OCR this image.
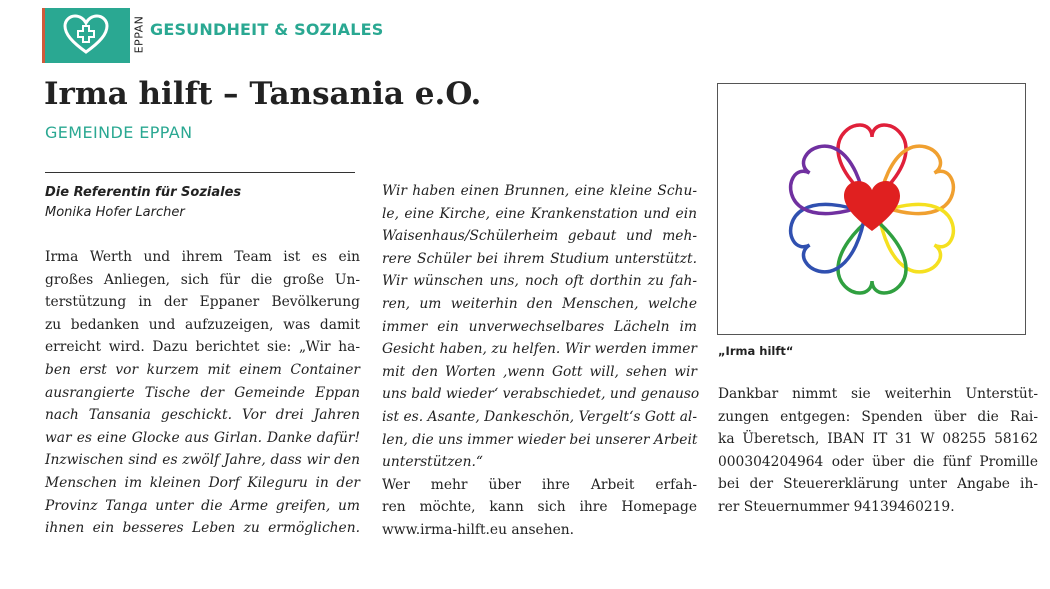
EPPAN GESUNDHEIT & SOZIALES
Irma hilft – Tansania e.O.
GEMEINDE EPPAN
Die Referentin für Soziales
Monika Hofer Larcher
Irma Werth und ihrem Team ist es ein
großes Anliegen, sich für die große Un-
terstützung in der Eppaner Bevölkerung
zu bedanken und aufzuzeigen, was damit
erreicht wird. Dazu berichtet sie: „Wir ha-
ben erst vor kurzem mit einem Container
ausrangierte Tische der Gemeinde Eppan
nach Tansania geschickt. Vor drei Jahren
war es eine Glocke aus Girlan. Danke dafür!
Inzwischen sind es zwölf Jahre, dass wir den
Menschen im kleinen Dorf Kileguru in der
Provinz Tanga unter die Arme greifen, um
ihnen ein besseres Leben zu ermöglichen.
Wir haben einen Brunnen, eine kleine Schu-
le, eine Kirche, eine Krankenstation und ein
Waisenhaus/Schülerheim gebaut und meh-
rere Schüler bei ihrem Studium unterstützt.
Wir wünschen uns, noch oft dorthin zu fah-
ren, um weiterhin den Menschen, welche
immer ein unverwechselbares Lächeln im
Gesicht haben, zu helfen. Wir werden immer
mit den Worten ‚wenn Gott will, sehen wir
uns bald wieder‘ verabschiedet, und genauso
ist es. Asante, Dankeschön, Vergelt‘s Gott al-
len, die uns immer wieder bei unserer Arbeit
unterstützen.“
Wer mehr über ihre Arbeit erfah-
ren möchte, kann sich ihre Homepage
www.irma-hilft.eu ansehen.
„Irma hilft“
Dankbar nimmt sie weiterhin Unterstüt-
zungen entgegen: Spenden über die Rai-
ka Überetsch, IBAN IT 31 W 08255 58162
000304204964 oder über die fünf Promille
bei der Steuererklärung unter Angabe ih-
rer Steuernummer 94139460219.
